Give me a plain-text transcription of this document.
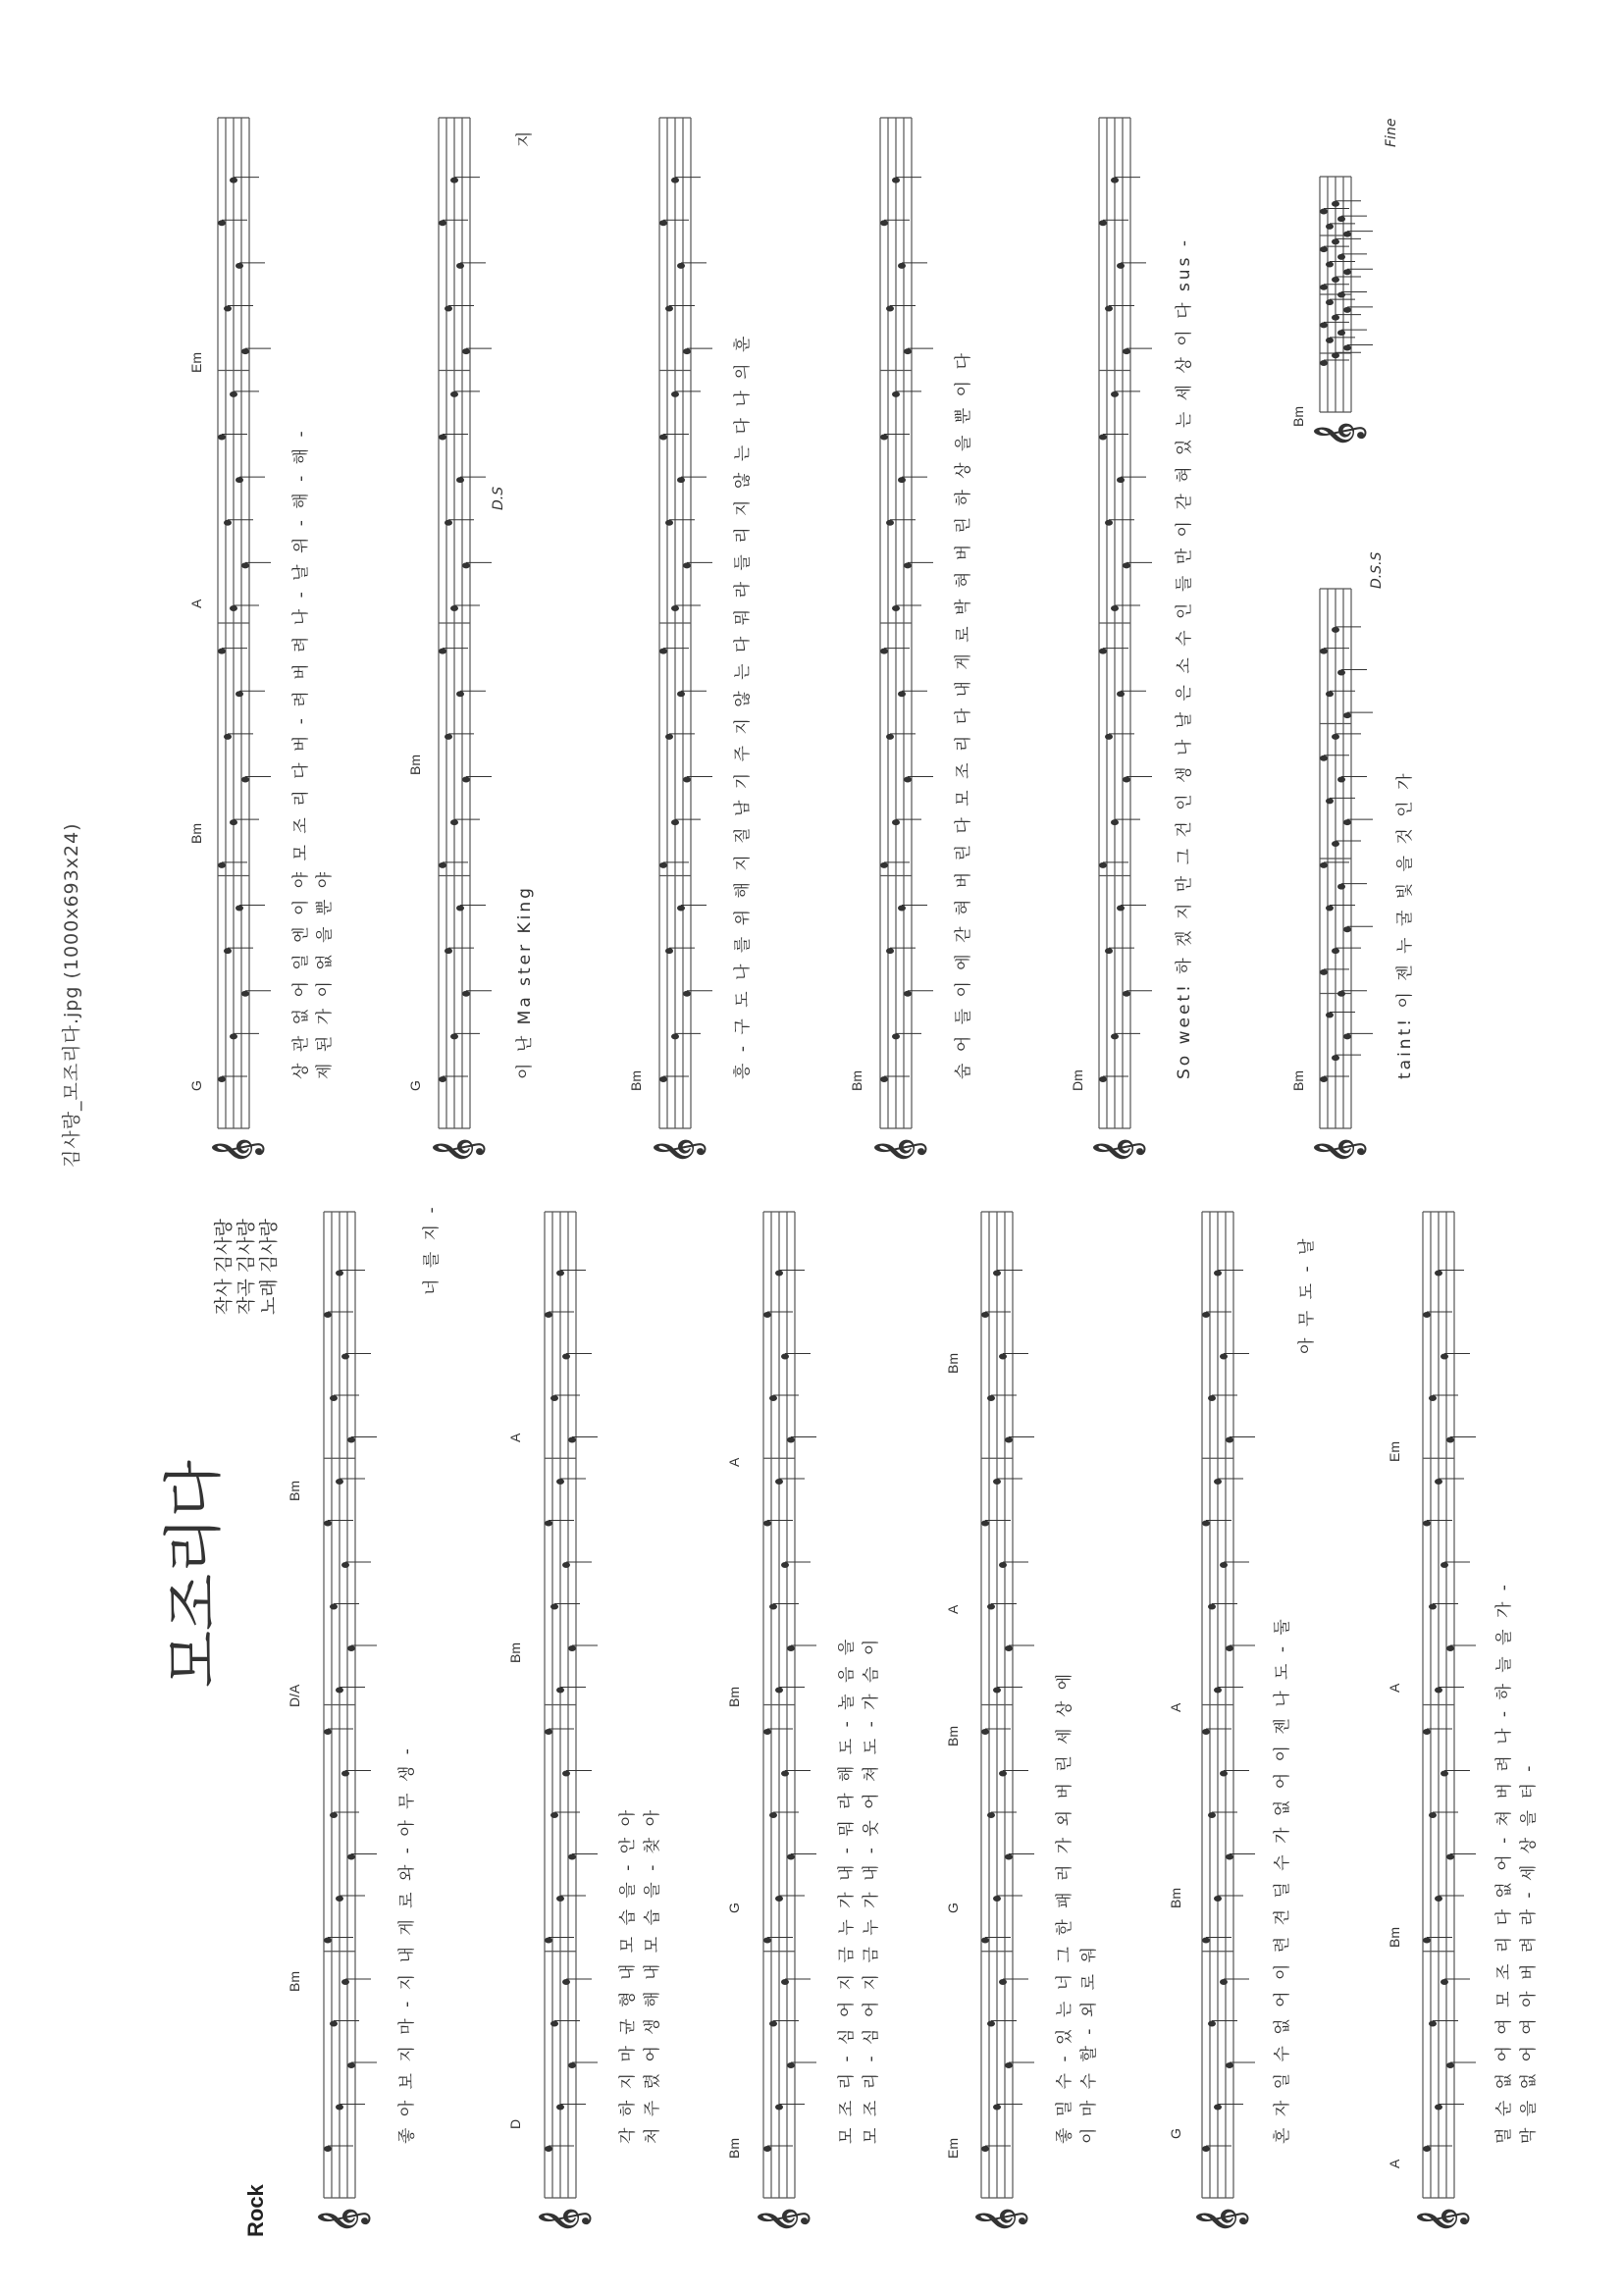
𝄞	𝄞	𝄞	𝄞	𝄞	𝄞
𝄞	𝄞	𝄞	𝄞	𝄞	𝄞
𝄞
김사랑_모조리다.jpg (1000x693x24)
모조리다
Rock
작사 김사랑 작곡 김사랑 노래 김사랑
Bm
D/A
Bm
D
Bm
A
Bm
G
Bm
A
Em
G
Bm
A
Bm
G
Bm
A
A
Bm
A
Em
좋 아 보 지 마 - 지 내 게 로 와 - 아 무 생 -
너 를 지 -
각 하 지 마 균 형 내 모 습 을 - 안 아 처 주 렸 어 생 해 내 모 습 을 - 찾 아	모 조 리 - 심 어 지 금 누 가 내 - 뭐 라 해 도 - 놀 음 을 모 조 리 - 심 어 지 금 누 가 내 - 웃 어 쳐 도 - 가 슴 이	좋 밀 수 - 있 는 너 그 한 패 러 가 외 버 린 세 상 에 이 마 수 할 - 외 로 워	혼 자 일 수 없 어 이 련 견 딜 수 가 없 어 이 젠 나 도 - 둘
아 무 도 - 날
멀 순 없 어 여 모 조 리 다 없 어 - 쳐 버 려 나 - 하 늘 을 가 - 막 을 없 어 여 아 버 려 라 - 세 상 을 터 -
G
Bm
A
Em
G
Bm
Bm	Bm	Dm	Bm
Bm
상 관 없 어 일 엔 이 야 모 조 리 다 버 - 려 버 려 나 - 날 위 - 해 - 해 - 제 된 가 이 없 을 뿐 야	이 난 Ma ster King
지
흥 - 구 도 나 를 위 해 지 질 남 기 주 지 않 는 다 뭐 라 들 리 지 않 는 다 나 의 훈	숨 어 들 이 에 갇 혀 버 린 다 모 조 리 다 내 게 로 박 혀 버 린 하 상 을 뿐 이 다	So weet! 하 겠 지 만 그 건 인 생 나 날 은 소 수 인 들 만 이 갇 혀 있 는 세 상 이 다 sus -	taint! 이 젠 누 굴 빛 을 것 인 가
D.S
D.S.S
Fine
